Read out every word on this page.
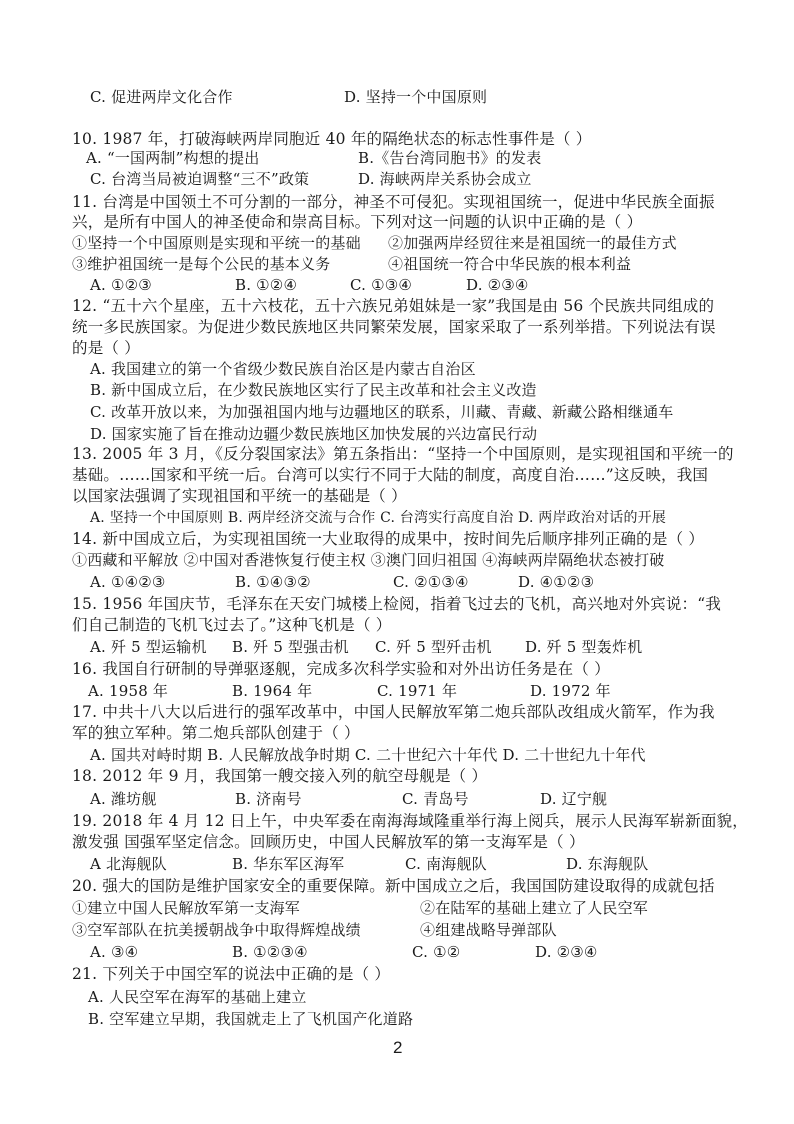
C. 促进两岸文化合作	D. 坚持一个中国原则
10. 1987 年，打破海峡两岸同胞近 40 年的隔绝状态的标志性事件是（ ）
A. “一国两制”构想的提出	B.《告台湾同胞书》的发表
C. 台湾当局被迫调整“三不”政策	D. 海峡两岸关系协会成立
11. 台湾是中国领土不可分割的一部分，神圣不可侵犯。实现祖国统一，促进中华民族全面振
兴，是所有中国人的神圣使命和崇高目标。下列对这一问题的认识中正确的是（ ）
①坚持一个中国原则是实现和平统一的基础 ②加强两岸经贸往来是祖国统一的最佳方式
③维护祖国统一是每个公民的基本义务	④祖国统一符合中华民族的根本利益
A. ①②③	B. ①②④	C. ①③④	D. ②③④
12. “五十六个星座，五十六枝花，五十六族兄弟姐妹是一家”我国是由 56 个民族共同组成的
统一多民族国家。为促进少数民族地区共同繁荣发展，国家采取了一系列举措。下列说法有误
的是（ ）
A. 我国建立的第一个省级少数民族自治区是内蒙古自治区
B. 新中国成立后，在少数民族地区实行了民主改革和社会主义改造
C. 改革开放以来，为加强祖国内地与边疆地区的联系，川藏、青藏、新藏公路相继通车
D. 国家实施了旨在推动边疆少数民族地区加快发展的兴边富民行动
13. 2005 年 3 月，《反分裂国家法》第五条指出：“坚持一个中国原则，是实现祖国和平统一的
基础。……国家和平统一后。台湾可以实行不同于大陆的制度，高度自治……”这反映，我国
以国家法强调了实现祖国和平统一的基础是（ ）
A. 坚持一个中国原则 B. 两岸经济交流与合作 C. 台湾实行高度自治 D. 两岸政治对话的开展
14. 新中国成立后，为实现祖国统一大业取得的成果中，按时间先后顺序排列正确的是（ ）
①西藏和平解放 ②中国对香港恢复行使主权 ③澳门回归祖国 ④海峡两岸隔绝状态被打破
A. ①④②③	B. ①④③②	C. ②①③④	D. ④①②③
15. 1956 年国庆节，毛泽东在天安门城楼上检阅，指着飞过去的飞机，高兴地对外宾说：“我
们自己制造的飞机飞过去了。”这种飞机是（ ）
A. 歼 5 型运输机 B. 歼 5 型强击机 C. 歼 5 型歼击机 D. 歼 5 型轰炸机
16. 我国自行研制的导弹驱逐舰，完成多次科学实验和对外出访任务是在（ ）
A. 1958 年	B. 1964 年	C. 1971 年	D. 1972 年
17. 中共十八大以后进行的强军改革中，中国人民解放军第二炮兵部队改组成火箭军，作为我
军的独立军种。第二炮兵部队创建于（ ）
A. 国共对峙时期 B. 人民解放战争时期 C. 二十世纪六十年代 D. 二十世纪九十年代
18. 2012 年 9 月，我国第一艘交接入列的航空母舰是（ ）
A. 潍坊舰	B. 济南号	C. 青岛号	D. 辽宁舰
19. 2018 年 4 月 12 日上午，中央军委在南海海域隆重举行海上阅兵，展示人民海军崭新面貌，
激发强 国强军坚定信念。回顾历史，中国人民解放军的第一支海军是（ ）
A 北海舰队	B. 华东军区海军	C. 南海舰队	D. 东海舰队
20. 强大的国防是维护国家安全的重要保障。新中国成立之后，我国国防建设取得的成就包括
①建立中国人民解放军第一支海军	②在陆军的基础上建立了人民空军
③空军部队在抗美援朝战争中取得辉煌战绩	④组建战略导弹部队
A. ③④	B. ①②③④	C. ①②	D. ②③④
21. 下列关于中国空军的说法中正确的是（ ）
A. 人民空军在海军的基础上建立
B. 空军建立早期，我国就走上了飞机国产化道路
2
